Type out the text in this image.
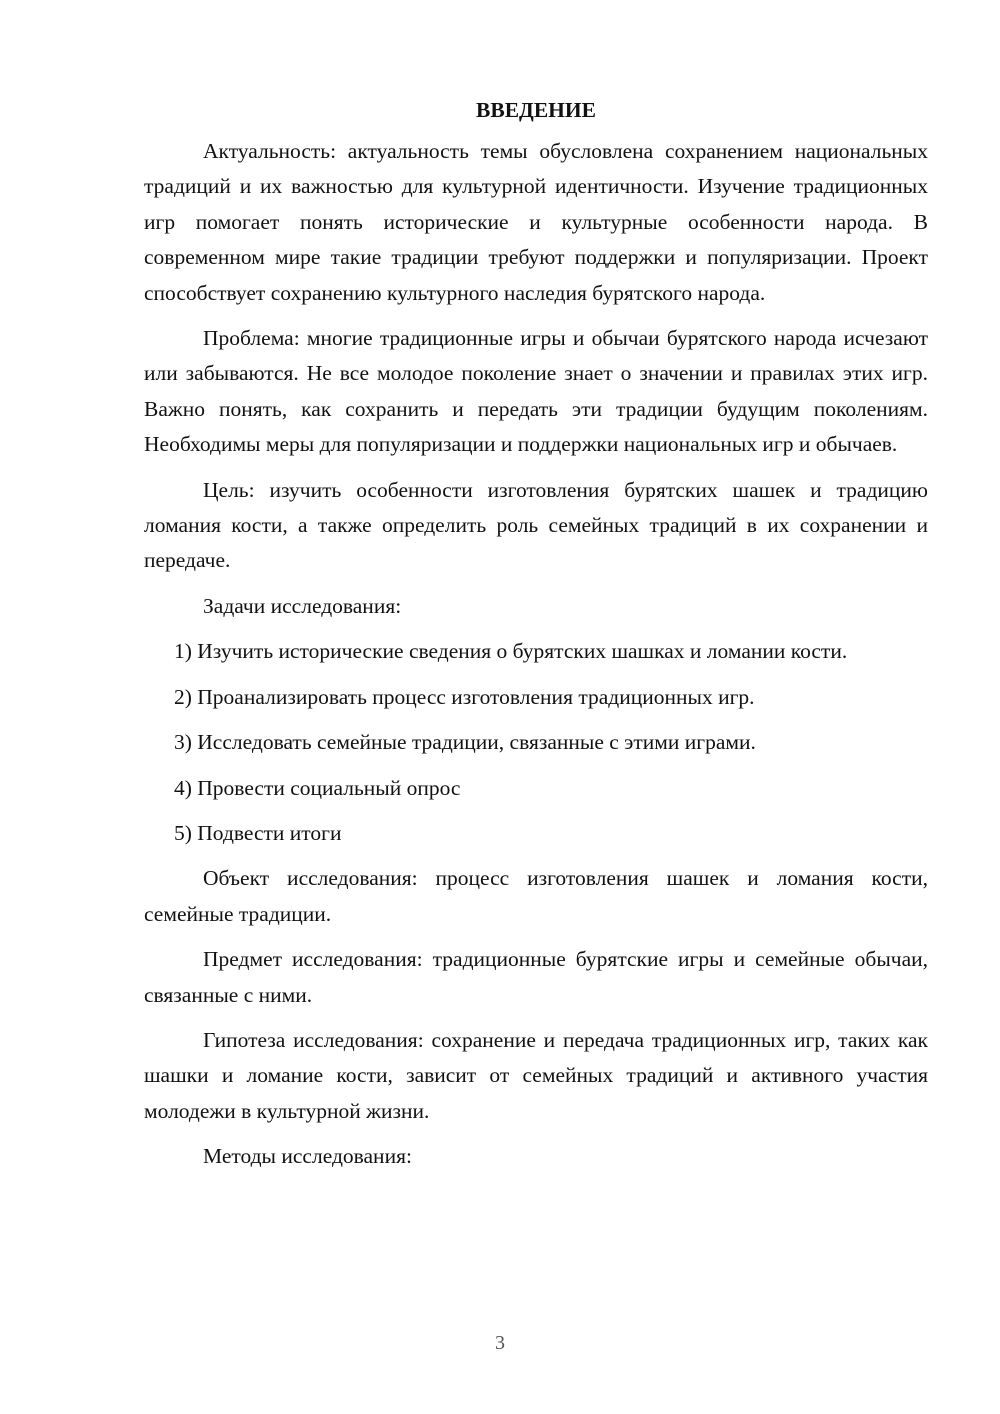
ВВЕДЕНИЕ

Актуальность: актуальность темы обусловлена сохранением национальных традиций и их важностью для культурной идентичности. Изучение традиционных игр помогает понять исторические и культурные особенности народа. В современном мире такие традиции требуют поддержки и популяризации. Проект способствует сохранению культурного наследия бурятского народа.

Проблема: многие традиционные игры и обычаи бурятского народа исчезают или забываются. Не все молодое поколение знает о значении и правилах этих игр. Важно понять, как сохранить и передать эти традиции будущим поколениям. Необходимы меры для популяризации и поддержки национальных игр и обычаев.

Цель: изучить особенности изготовления бурятских шашек и традицию ломания кости, а также определить роль семейных традиций в их сохранении и передаче.

Задачи исследования:

1) Изучить исторические сведения о бурятских шашках и ломании кости.

2) Проанализировать процесс изготовления традиционных игр.

3) Исследовать семейные традиции, связанные с этими играми.

4) Провести социальный опрос

5) Подвести итоги

Объект исследования: процесс изготовления шашек и ломания кости, семейные традиции.

Предмет исследования: традиционные бурятские игры и семейные обычаи, связанные с ними.

Гипотеза исследования: сохранение и передача традиционных игр, таких как шашки и ломание кости, зависит от семейных традиций и активного участия молодежи в культурной жизни.

Методы исследования:

3
